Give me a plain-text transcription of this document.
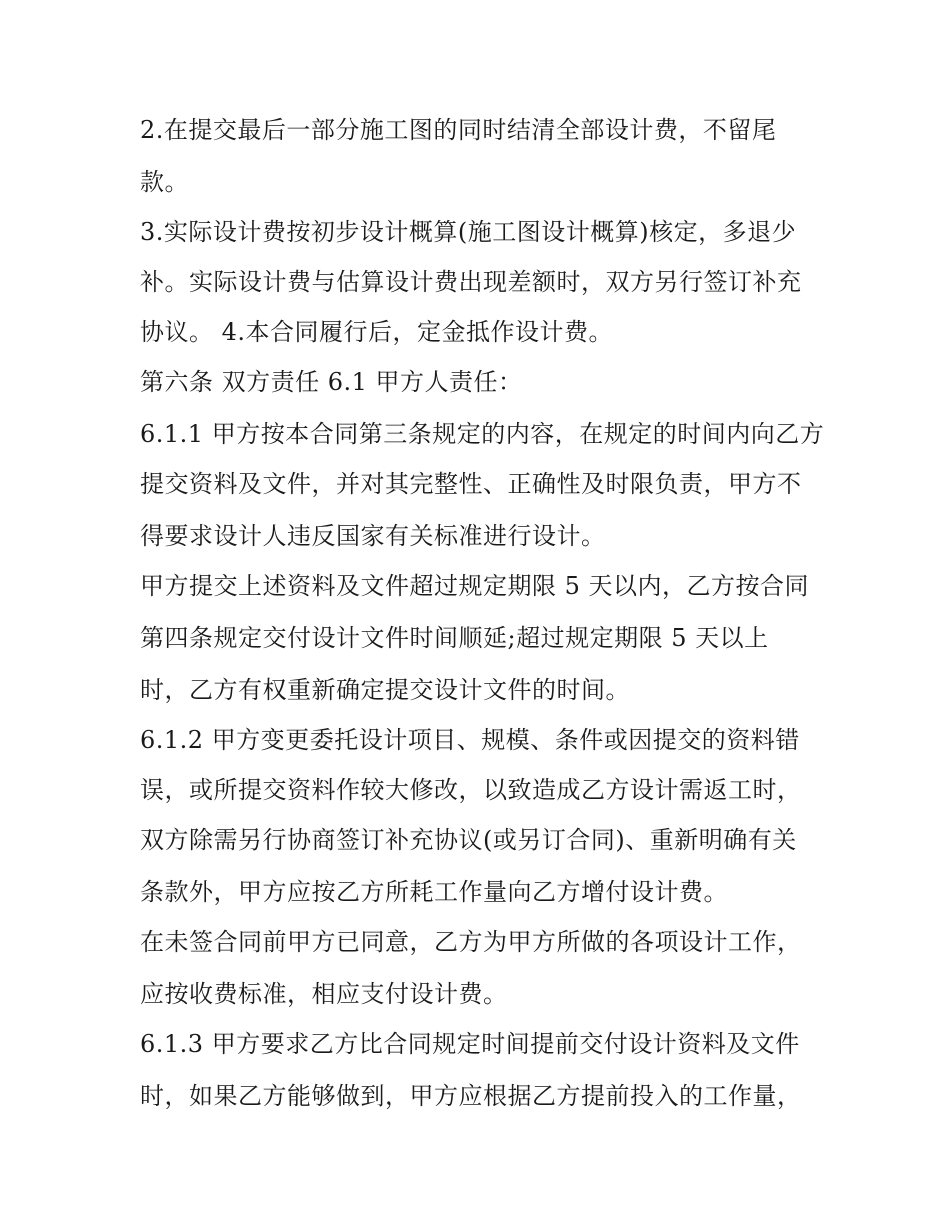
2.在提交最后一部分施工图的同时结清全部设计费，不留尾
款。
3.实际设计费按初步设计概算(施工图设计概算)核定，多退少
补。实际设计费与估算设计费出现差额时，双方另行签订补充
协议。 4.本合同履行后，定金抵作设计费。
第六条 双方责任 6.1 甲方人责任：
6.1.1 甲方按本合同第三条规定的内容，在规定的时间内向乙方
提交资料及文件，并对其完整性、正确性及时限负责，甲方不
得要求设计人违反国家有关标准进行设计。
甲方提交上述资料及文件超过规定期限 5 天以内，乙方按合同
第四条规定交付设计文件时间顺延;超过规定期限 5 天以上
时，乙方有权重新确定提交设计文件的时间。
6.1.2 甲方变更委托设计项目、规模、条件或因提交的资料错
误，或所提交资料作较大修改，以致造成乙方设计需返工时，
双方除需另行协商签订补充协议(或另订合同)、重新明确有关
条款外，甲方应按乙方所耗工作量向乙方增付设计费。
在未签合同前甲方已同意，乙方为甲方所做的各项设计工作，
应按收费标准，相应支付设计费。
6.1.3 甲方要求乙方比合同规定时间提前交付设计资料及文件
时，如果乙方能够做到，甲方应根据乙方提前投入的工作量，
